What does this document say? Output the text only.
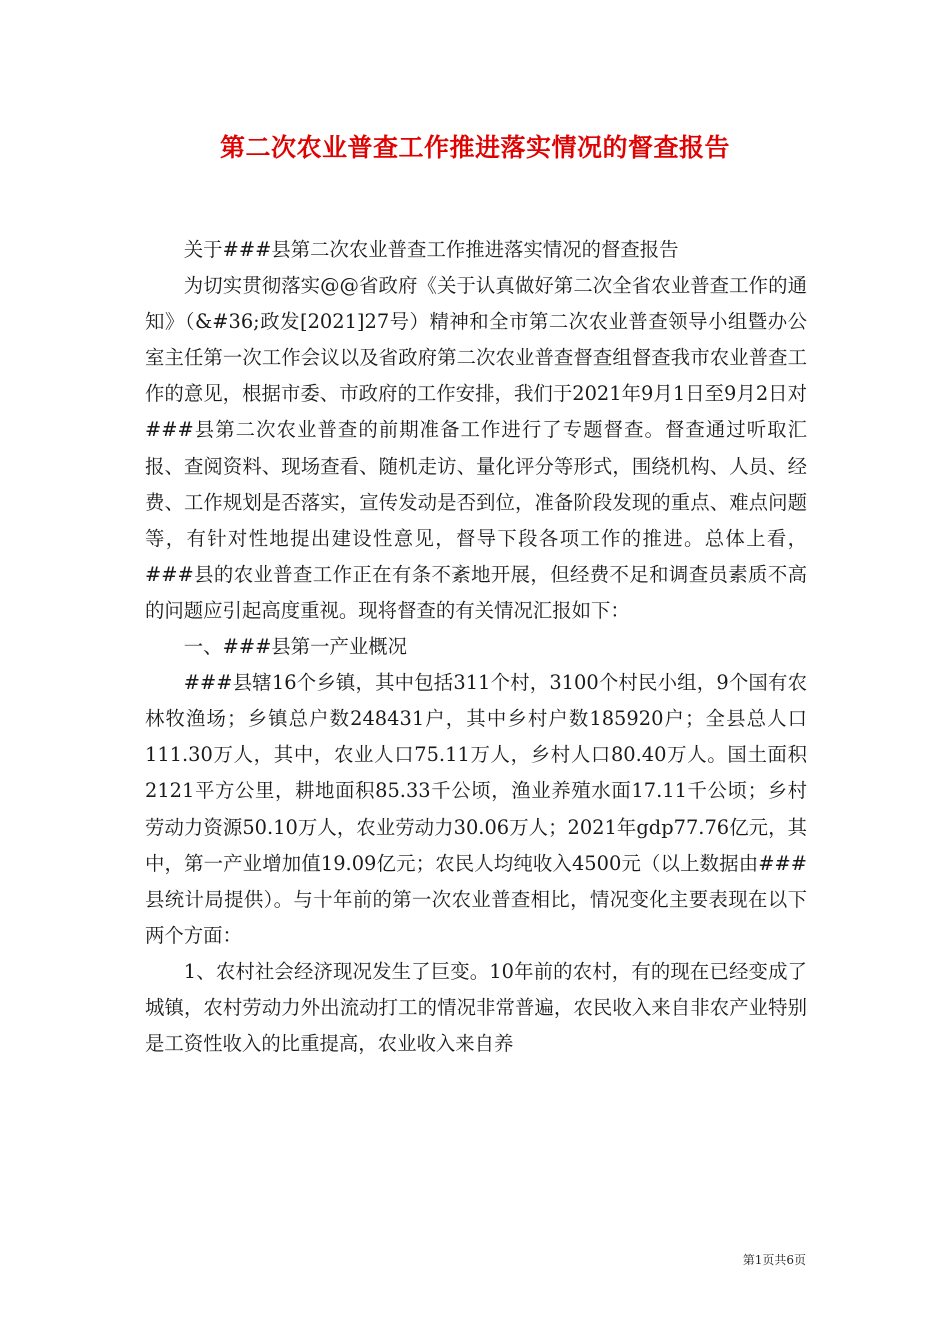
第二次农业普查工作推进落实情况的督查报告

关于###县第二次农业普查工作推进落实情况的督查报告

为切实贯彻落实@@省政府《关于认真做好第二次全省农业普查工作的通知》（&#36;政发[2021]27号）精神和全市第二次农业普查领导小组暨办公室主任第一次工作会议以及省政府第二次农业普查督查组督查我市农业普查工作的意见，根据市委、市政府的工作安排，我们于2021年9月1日至9月2日对###县第二次农业普查的前期准备工作进行了专题督查。督查通过听取汇报、查阅资料、现场查看、随机走访、量化评分等形式，围绕机构、人员、经费、工作规划是否落实，宣传发动是否到位，准备阶段发现的重点、难点问题等，有针对性地提出建设性意见，督导下段各项工作的推进。总体上看，###县的农业普查工作正在有条不紊地开展，但经费不足和调查员素质不高的问题应引起高度重视。现将督查的有关情况汇报如下：

一、###县第一产业概况

###县辖16个乡镇，其中包括311个村，3100个村民小组，9个国有农林牧渔场；乡镇总户数248431户，其中乡村户数185920户；全县总人口111.30万人，其中，农业人口75.11万人，乡村人口80.40万人。国土面积2121平方公里，耕地面积85.33千公顷，渔业养殖水面17.11千公顷；乡村劳动力资源50.10万人，农业劳动力30.06万人；2021年gdp77.76亿元，其中，第一产业增加值19.09亿元；农民人均纯收入4500元（以上数据由###县统计局提供）。与十年前的第一次农业普查相比，情况变化主要表现在以下两个方面：

1、农村社会经济现况发生了巨变。10年前的农村，有的现在已经变成了城镇，农村劳动力外出流动打工的情况非常普遍，农民收入来自非农产业特别是工资性收入的比重提高，农业收入来自养

第1页共6页
